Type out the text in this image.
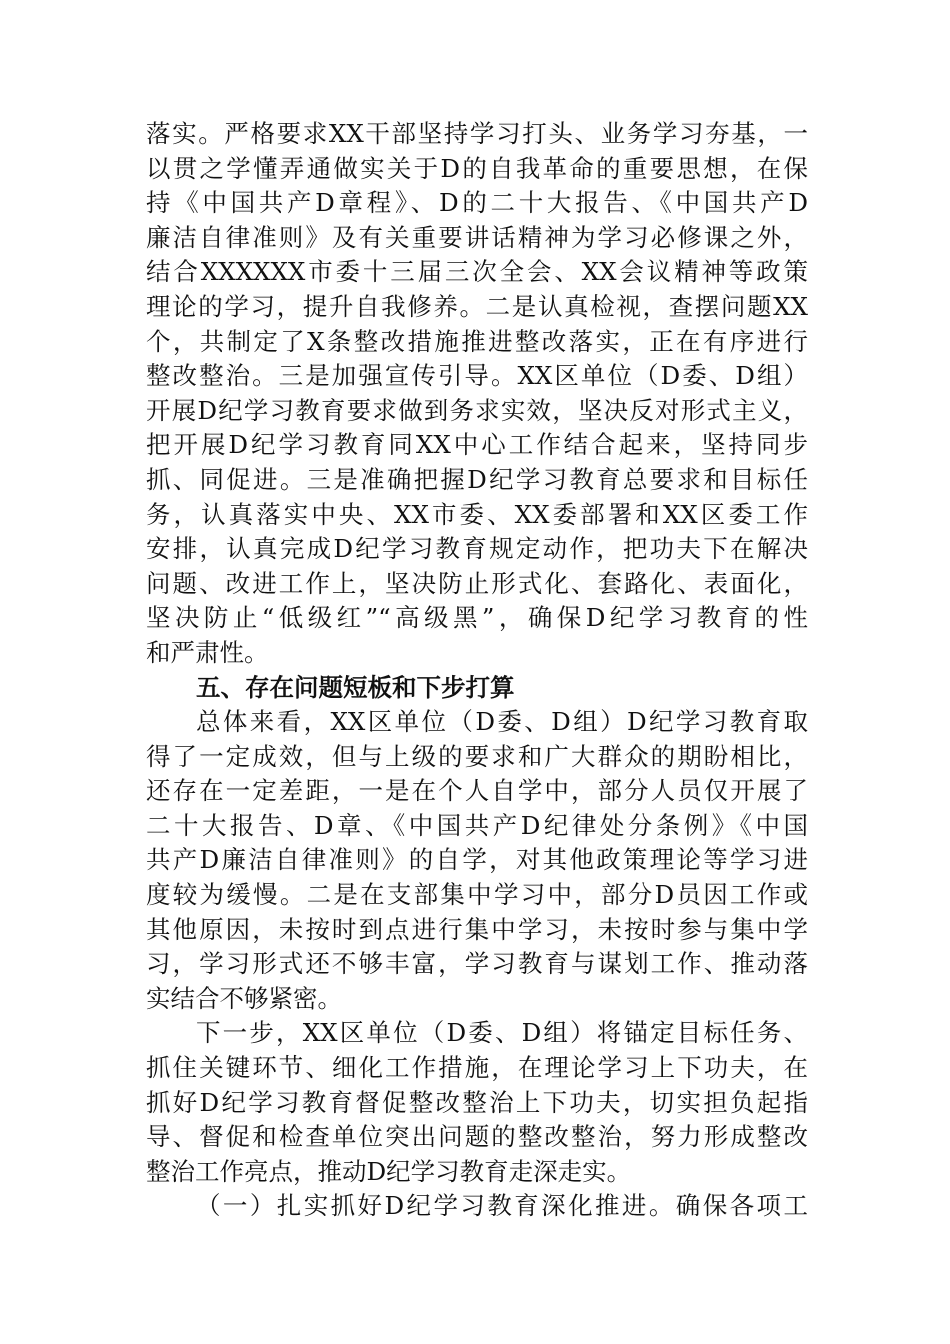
落实。严格要求XX干部坚持学习打头、业务学习夯基，一
以贯之学懂弄通做实关于D的自我革命的重要思想，在保
持《中国共产D章程》、D的二十大报告、《中国共产D
廉洁自律准则》及有关重要讲话精神为学习必修课之外，
结合XXXXXX市委十三届三次全会、XX会议精神等政策
理论的学习，提升自我修养。二是认真检视，查摆问题XX
个，共制定了X条整改措施推进整改落实，正在有序进行
整改整治。三是加强宣传引导。XX区单位（D委、D组）
开展D纪学习教育要求做到务求实效，坚决反对形式主义，
把开展D纪学习教育同XX中心工作结合起来，坚持同步
抓、同促进。三是准确把握D纪学习教育总要求和目标任
务，认真落实中央、XX市委、XX委部署和XX区委工作
安排，认真完成D纪学习教育规定动作，把功夫下在解决
问题、改进工作上，坚决防止形式化、套路化、表面化，
坚决防止“低级红”“高级黑”，确保D纪学习教育的性
和严肃性。
五、存在问题短板和下步打算
总体来看，XX区单位（D委、D组）D纪学习教育取
得了一定成效，但与上级的要求和广大群众的期盼相比，
还存在一定差距，一是在个人自学中，部分人员仅开展了
二十大报告、D章、《中国共产D纪律处分条例》《中国
共产D廉洁自律准则》的自学，对其他政策理论等学习进
度较为缓慢。二是在支部集中学习中，部分D员因工作或
其他原因，未按时到点进行集中学习，未按时参与集中学
习，学习形式还不够丰富，学习教育与谋划工作、推动落
实结合不够紧密。
下一步，XX区单位（D委、D组）将锚定目标任务、
抓住关键环节、细化工作措施，在理论学习上下功夫，在
抓好D纪学习教育督促整改整治上下功夫，切实担负起指
导、督促和检查单位突出问题的整改整治，努力形成整改
整治工作亮点，推动D纪学习教育走深走实。
（一）扎实抓好D纪学习教育深化推进。确保各项工
